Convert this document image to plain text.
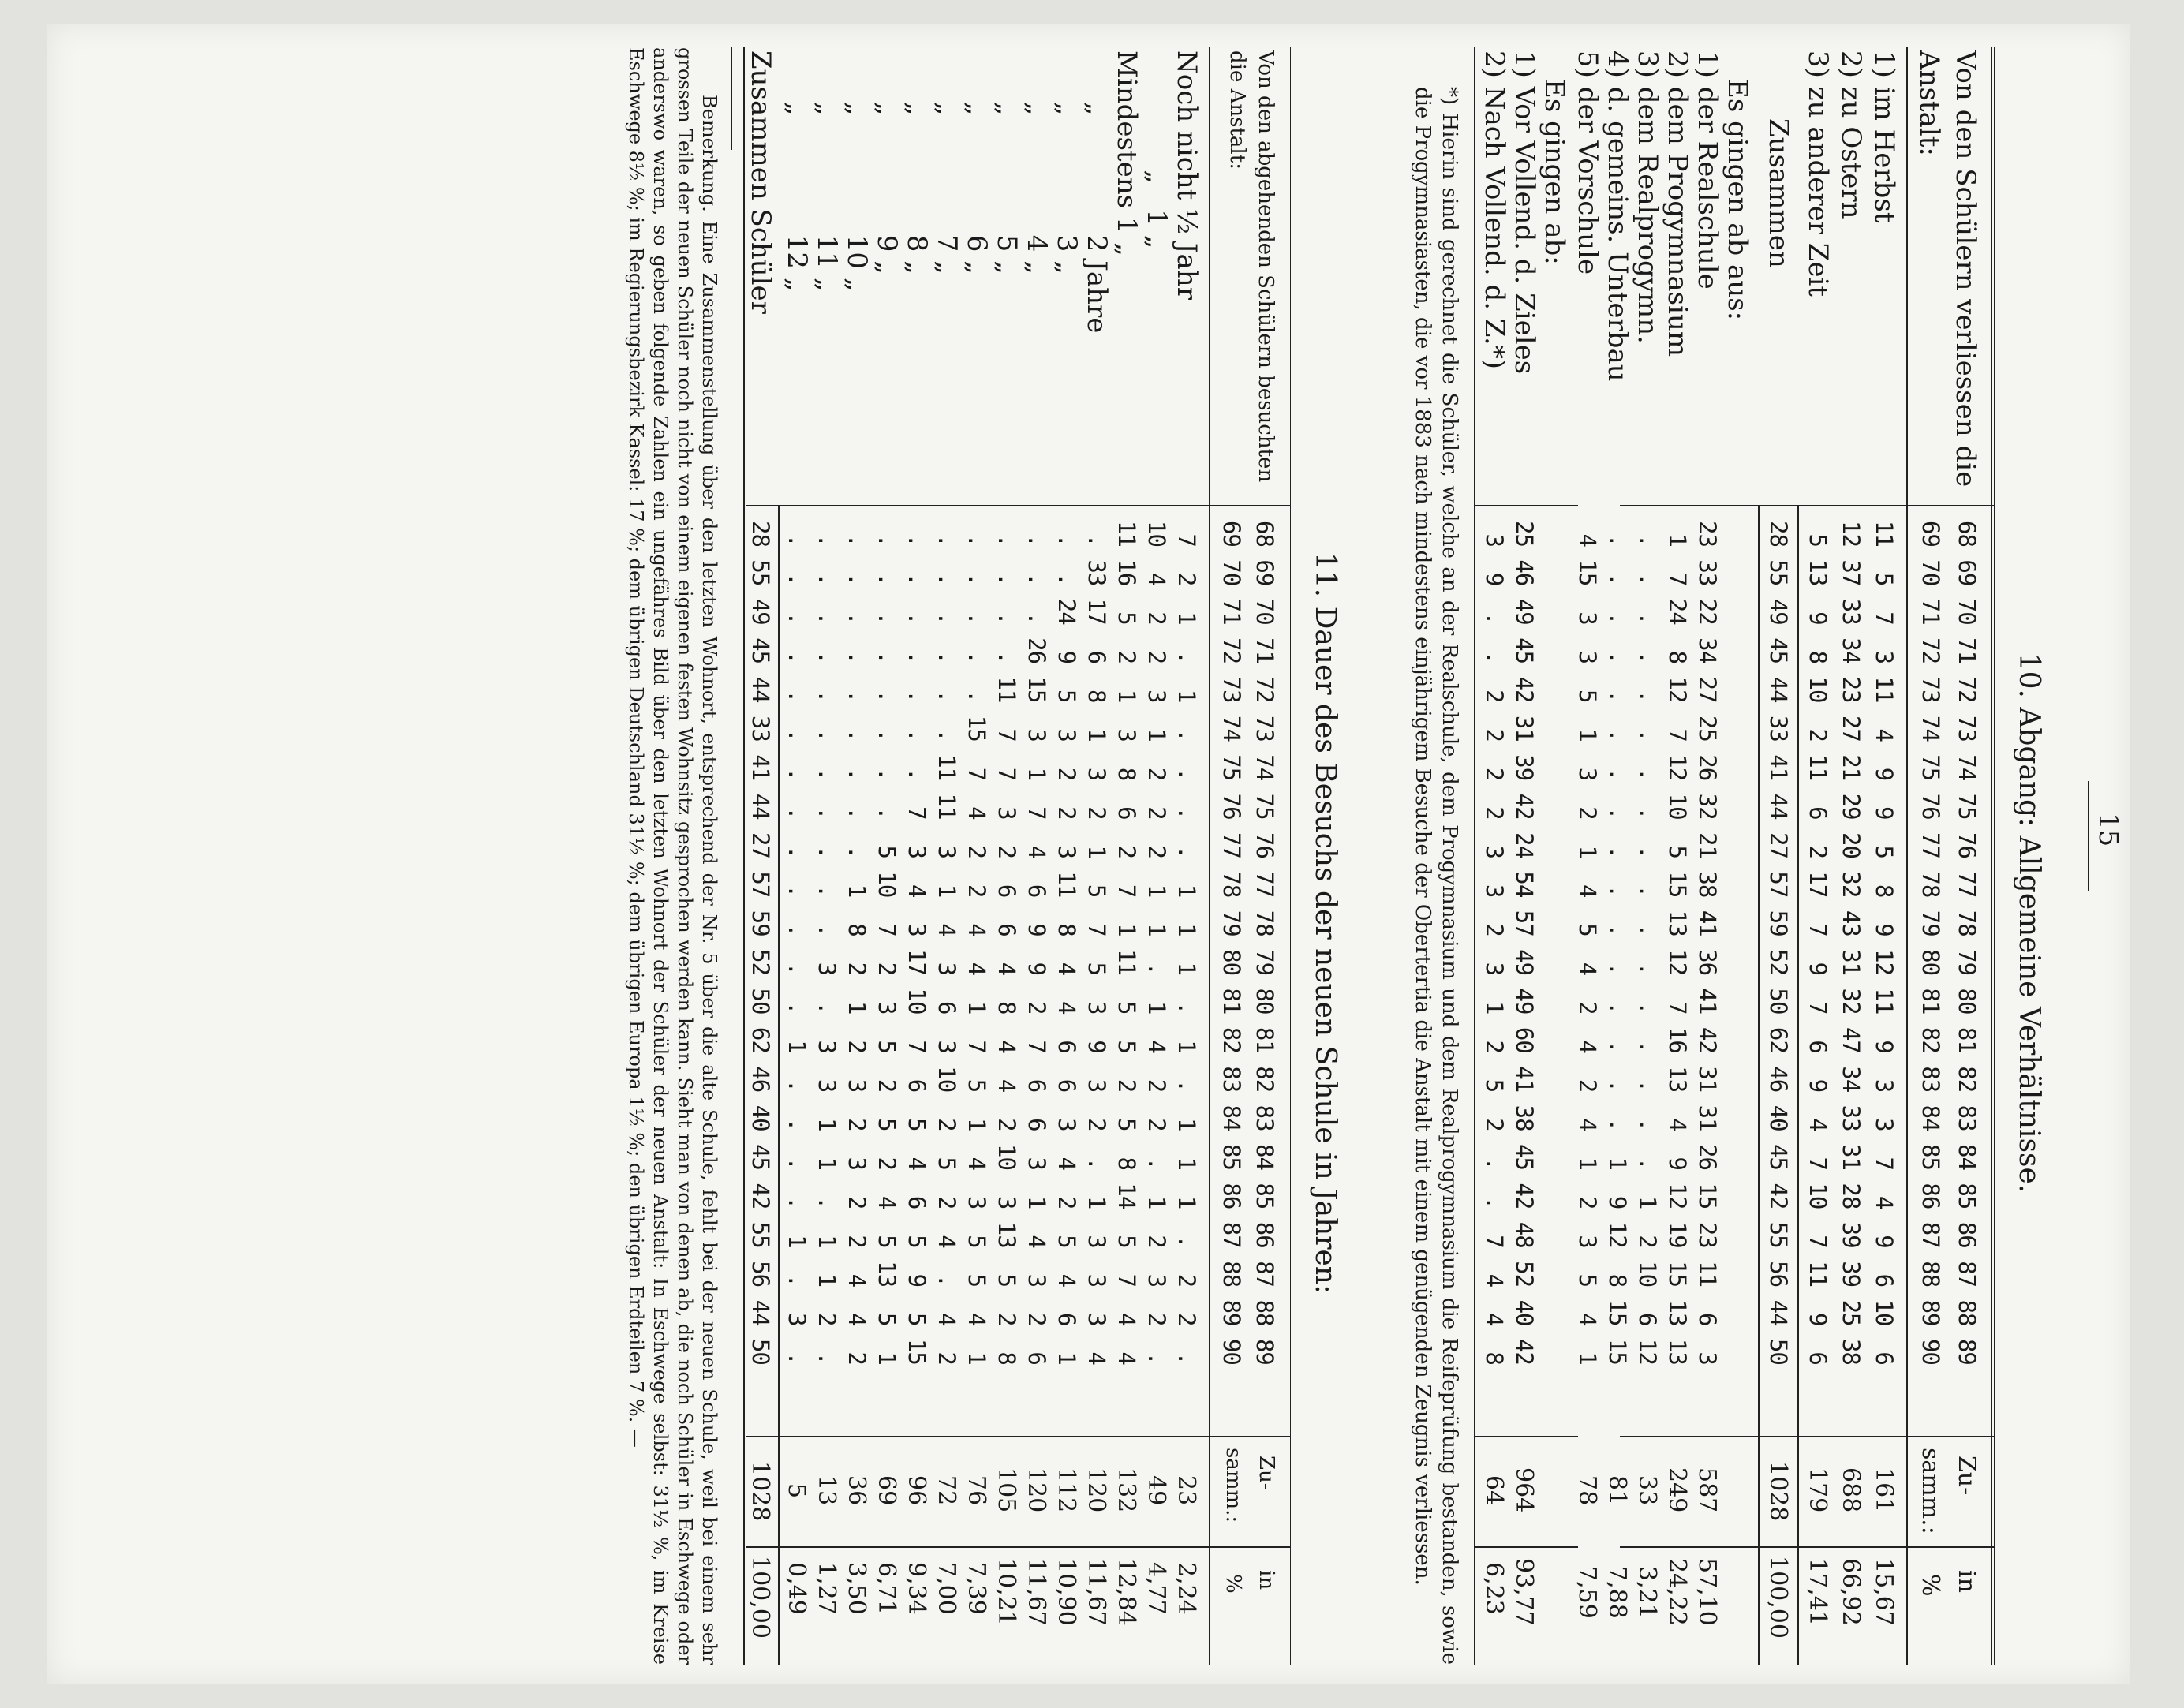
15
10. Abgang: Allgemeine Verhältnisse.
Von den Schülern verliessen die Anstalt:
68 69 70 71 72 73 74 75 76 77 78 79 80 81 82 83 84 85 86 87 88 89
69 70 71 72 73 74 75 76 77 78 79 80 81 82 83 84 85 86 87 88 89 90
Zu-
samm.:
in
%
1) im Herbst
11  5  7  3 11  4  9  9  5  8  9 12 11  9  3  3  7  4  9  6 10  6
161
15,67
2) zu Ostern
12 37 33 34 23 27 21 29 20 32 43 31 32 47 34 33 31 28 39 39 25 38
688
66,92
3) zu anderer Zeit
5 13  9  8 10  2 11  6  2 17  7  9  7  6  9  4  7 10  7 11  9  6
179
17,41
Zusammen
28 55 49 45 44 33 41 44 27 57 59 52 50 62 46 40 45 42 55 56 44 50
1028
100,00
Es gingen ab aus:
1) der Realschule
23 33 22 34 27 25 26 32 21 38 41 36 41 42 31 31 26 15 23 11  6  3
587
57,10
2) dem Progymnasium
1  7 24  8 12  7 12 10  5 15 13 12  7 16 13  4  9 12 19 15 13 13
249
24,22
3) dem Realprogymn.
.  .  .  .  .  .  .  .  .  .  .  .  .  .  .  .  .  1  2 10  6 12
33
3,21
4) d. gemeins. Unterbau
.  .  .  .  .  .  .  .  .  .  .  .  .  .  .  .  1  9 12  8 15 15
81
7,88
5) der Vorschule
4 15  3  3  5  1  3  2  1  4  5  4  2  4  2  4  1  2  3  5  4  1
78
7,59
Es gingen ab:
1) Vor Vollend. d. Zieles
25 46 49 45 42 31 39 42 24 54 57 49 49 60 41 38 45 42 48 52 40 42
964
93,77
2) Nach Vollend. d. Z.*)
3  9  .  .  2  2  2  2  3  3  2  3  1  2  5  2  .  .  7  4  4  8
64
6,23
*) Hierin sind gerechnet die Schüler, welche an der Realschule, dem Progymnasium und dem Realprogymnasium die Reifeprüfung bestanden, sowie die Progymnasiasten, die vor 1883 nach mindestens einjährigem Besuche der Obertertia die Anstalt mit einem genügenden Zeugnis verliessen.
11. Dauer des Besuchs der neuen Schule in Jahren:
Von den abgehenden Schülern besuchten die Anstalt:
68 69 70 71 72 73 74 75 76 77 78 79 80 81 82 83 84 85 86 87 88 89
69 70 71 72 73 74 75 76 77 78 79 80 81 82 83 84 85 86 87 88 89 90
Zu-
samm.:
in
%
Noch nicht ½ Jahr
7  2  1  .  1  .  .  .  .  1  1  1  .  1  .  1  1  1  .  2  2  .
23
2,24
„   1 „
10  4  2  2  3  1  2  2  2  1  1  .  1  4  2  2  .  1  2  3  2  .
49
4,77
Mindestens 1 „
11 16  5  2  1  3  8  6  2  7  1 11  5  5  2  5  8 14  5  7  4  4
132
12,84
„              2 Jahre
. 33 17  6  8  1  3  2  1  5  7  5  3  9  3  2  .  1  3  3  3  4
120
11,67
„              3 „
.  . 24  9  5  3  2  2  3 11  8  4  4  6  6  3  4  2  5  4  6  1
112
10,90
„              4 „
.  .  . 26 15  3  1  7  4  6  9  9  2  7  6  6  3  1  4  3  2  6
120
11,67
„              5 „
.  .  .  . 11  7  7  3  2  6  6  4  8  4  4  2 10  3 13  5  2  8
105
10,21
„              6 „
.  .  .  .  . 15  7  4  2  2  4  4  1  7  5  1  4  3  5  5  4  1
76
7,39
„              7 „
.  .  .  .  .  . 11 11  3  1  4  3  6  3 10  2  5  2  4  .  4  2
72
7,00
„              8 „
.  .  .  .  .  .  .  7  3  4  3 17 10  7  6  5  4  6  5  9  5 15
96
9,34
„              9 „
.  .  .  .  .  .  .  .  5 10  7  2  3  5  2  5  2  4  5 13  5  1
69
6,71
„              10 „
.  .  .  .  .  .  .  .  .  1  8  2  1  2  3  2  3  2  2  4  4  2
36
3,50
„              11 „
.  .  .  .  .  .  .  .  .  .  .  3  .  3  3  1  1  .  1  1  2  .
13
1,27
„              12 „
.  .  .  .  .  .  .  .  .  .  .  .  .  1  .  .  .  .  1  .  3  .
5
0,49
Zusammen Schüler
28 55 49 45 44 33 41 44 27 57 59 52 50 62 46 40 45 42 55 56 44 50
1028
100,00
Bemerkung. Eine Zusammenstellung über den letzten Wohnort, entsprechend der Nr. 5 über die alte Schule, fehlt bei der neuen Schule, weil bei einem sehr grossen Teile der neuen Schüler noch nicht von einem eigenen festen Wohnsitz gesprochen werden kann. Sieht man von denen ab, die noch Schüler in Eschwege oder anderswo waren, so geben folgende Zahlen ein ungefähres Bild über den letzten Wohnort der Schüler der neuen Anstalt: In Eschwege selbst: 31½ %, im Kreise Eschwege 8½ %; im Regierungsbezirk Kassel: 17 %; dem übrigen Deutschland 31½ %; dem übrigen Europa 1½ %; den übrigen Erdteilen 7 %. —
